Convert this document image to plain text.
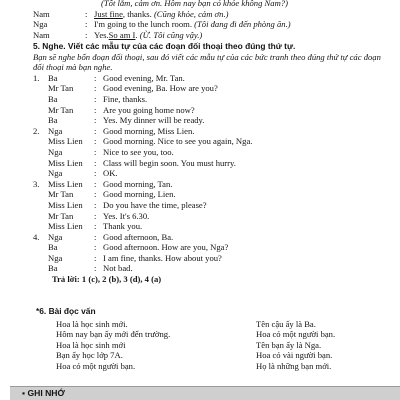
(Tốt lắm, cảm ơn. Hôm nay bạn có khỏe không Nam?)
Nam	: Just fine , thanks.
(Cũng khỏe, cảm ơn.)
Nga	: I'm going to the lunch room.
(Tôi đang đi đến phòng ăn.)
Nam	: Yes. So am I .
(Ừ. Tôi cũng vậy.)
5. Nghe. Viết các mẫu tự của các đoạn đối thoại theo đúng thứ tự.
Bạn sẽ nghe bốn đoạn đối thoại, sau đó viết các mẫu tự của các bức tranh theo đúng thứ tự các đoạn đối thoại mà bạn nghe.
1. Ba	: Good evening, Mr. Tan.
Mr Tan	: Good evening, Ba. How are you?
Ba	: Fine, thanks.
Mr Tan	: Are you going home now?
Ba	: Yes. My dinner will be ready.
2. Nga	: Good morning, Miss Lien.
Miss Lien	: Good morning. Nice to see you again, Nga.
Nga	: Nice to see you, too.
Miss Lien	: Class will begin soon. You must hurry.
Nga	: OK.
3. Miss Lien	: Good morning, Tan.
Mr Tan	: Good morning, Lien.
Miss Lien	: Do you have the time, please?
Mr Tan	: Yes. It's 6.30.
Miss Lien	: Thank you.
4. Nga	: Good afternoon, Ba.
Ba	: Good afternoon. How are you, Nga?
Nga	: I am fine, thanks. How about you?
Ba	: Not bad.
Trả lời:
1 (c), 2 (b), 3 (d), 4 (a)
*6. Bài đọc vấn
Hoa là học sinh mới.	Tên cậu ấy là Ba.
Hôm nay bạn ấy mới đến trường.	Hoa có một người bạn.
Hoa là học sinh mới	Tên bạn ấy là Nga.
Bạn ấy học lớp 7A.	Hoa có vài người bạn.
Hoa có một người bạn.	Họ là những bạn mới.
▪ GHI NHỚ
